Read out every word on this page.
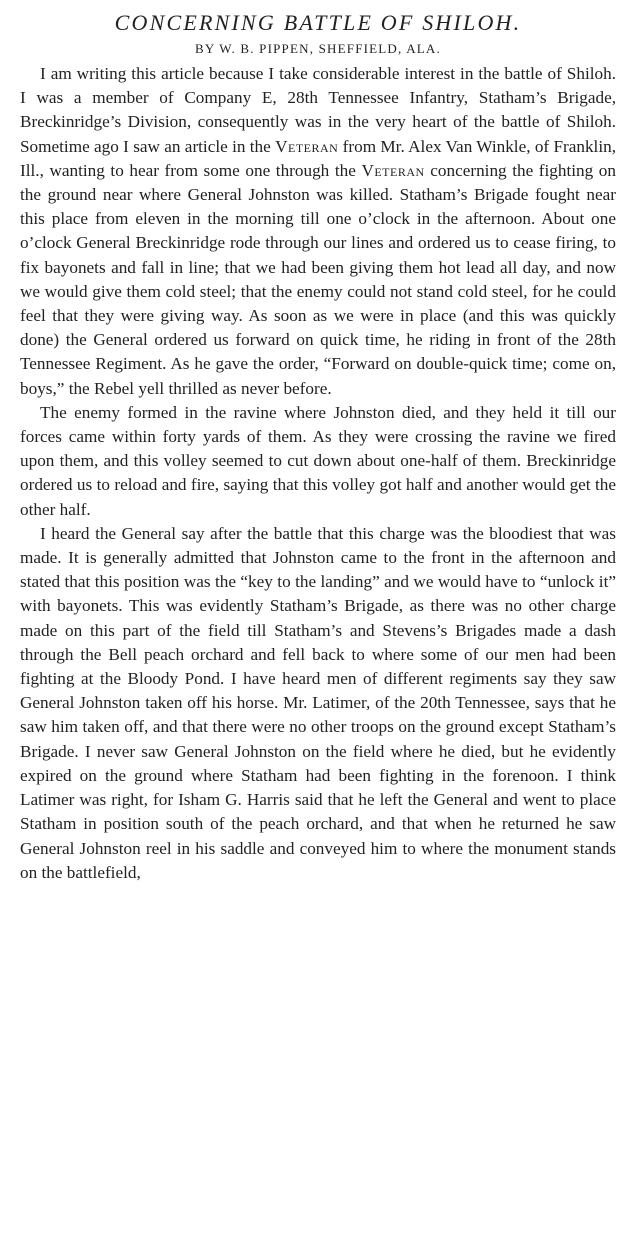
CONCERNING BATTLE OF SHILOH.
BY W. B. PIPPEN, SHEFFIELD, ALA.

I am writing this article because I take considerable interest in the battle of Shiloh. I was a member of Company E, 28th Tennessee Infantry, Statham’s Brigade, Breckinridge’s Division, consequently was in the very heart of the battle of Shiloh. Sometime ago I saw an article in the Veteran from Mr. Alex Van Winkle, of Franklin, Ill., wanting to hear from some one through the Veteran concerning the fighting on the ground near where General Johnston was killed. Statham’s Brigade fought near this place from eleven in the morning till one o’clock in the afternoon. About one o’clock General Breckinridge rode through our lines and ordered us to cease firing, to fix bayonets and fall in line; that we had been giving them hot lead all day, and now we would give them cold steel; that the enemy could not stand cold steel, for he could feel that they were giving way. As soon as we were in place (and this was quickly done) the General ordered us forward on quick time, he riding in front of the 28th Tennessee Regiment. As he gave the order, “Forward on double-quick time; come on, boys,” the Rebel yell thrilled as never before.

The enemy formed in the ravine where Johnston died, and they held it till our forces came within forty yards of them. As they were crossing the ravine we fired upon them, and this volley seemed to cut down about one-half of them. Breckinridge ordered us to reload and fire, saying that this volley got half and another would get the other half.

I heard the General say after the battle that this charge was the bloodiest that was made. It is generally admitted that Johnston came to the front in the afternoon and stated that this position was the “key to the landing” and we would have to “unlock it” with bayonets. This was evidently Statham’s Brigade, as there was no other charge made on this part of the field till Statham’s and Stevens’s Brigades made a dash through the Bell peach orchard and fell back to where some of our men had been fighting at the Bloody Pond. I have heard men of different regiments say they saw General Johnston taken off his horse. Mr. Latimer, of the 20th Tennessee, says that he saw him taken off, and that there were no other troops on the ground except Statham’s Brigade. I never saw General Johnston on the field where he died, but he evidently expired on the ground where Statham had been fighting in the forenoon. I think Latimer was right, for Isham G. Harris said that he left the General and went to place Statham in position south of the peach orchard, and that when he returned he saw General Johnston reel in his saddle and conveyed him to where the monument stands on the battlefield,
